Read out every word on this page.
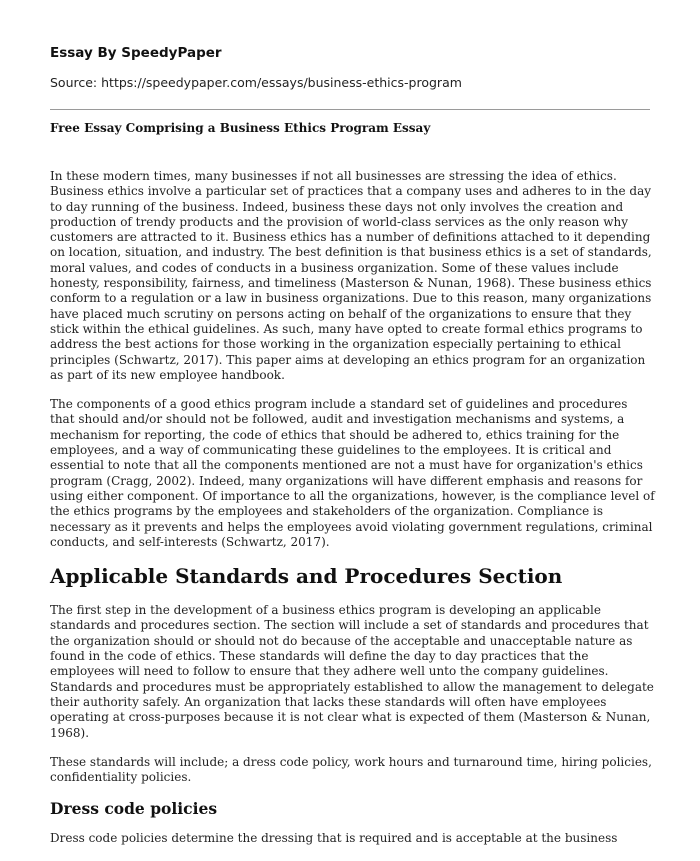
Essay By SpeedyPaper
Source: https://speedypaper.com/essays/business-ethics-program
Free Essay Comprising a Business Ethics Program Essay

In these modern times, many businesses if not all businesses are stressing the idea of ethics. Business ethics involve a particular set of practices that a company uses and adheres to in the day to day running of the business. Indeed, business these days not only involves the creation and production of trendy products and the provision of world-class services as the only reason why customers are attracted to it. Business ethics has a number of definitions attached to it depending on location, situation, and industry. The best definition is that business ethics is a set of standards, moral values, and codes of conducts in a business organization. Some of these values include honesty, responsibility, fairness, and timeliness (Masterson & Nunan, 1968). These business ethics conform to a regulation or a law in business organizations. Due to this reason, many organizations have placed much scrutiny on persons acting on behalf of the organizations to ensure that they stick within the ethical guidelines. As such, many have opted to create formal ethics programs to address the best actions for those working in the organization especially pertaining to ethical principles (Schwartz, 2017). This paper aims at developing an ethics program for an organization as part of its new employee handbook.

The components of a good ethics program include a standard set of guidelines and procedures that should and/or should not be followed, audit and investigation mechanisms and systems, a mechanism for reporting, the code of ethics that should be adhered to, ethics training for the employees, and a way of communicating these guidelines to the employees. It is critical and essential to note that all the components mentioned are not a must have for organization's ethics program (Cragg, 2002). Indeed, many organizations will have different emphasis and reasons for using either component. Of importance to all the organizations, however, is the compliance level of the ethics programs by the employees and stakeholders of the organization. Compliance is necessary as it prevents and helps the employees avoid violating government regulations, criminal conducts, and self-interests (Schwartz, 2017).

Applicable Standards and Procedures Section

The first step in the development of a business ethics program is developing an applicable standards and procedures section. The section will include a set of standards and procedures that the organization should or should not do because of the acceptable and unacceptable nature as found in the code of ethics. These standards will define the day to day practices that the employees will need to follow to ensure that they adhere well unto the company guidelines. Standards and procedures must be appropriately established to allow the management to delegate their authority safely. An organization that lacks these standards will often have employees operating at cross-purposes because it is not clear what is expected of them (Masterson & Nunan, 1968).

These standards will include; a dress code policy, work hours and turnaround time, hiring policies, confidentiality policies.

Dress code policies

Dress code policies determine the dressing that is required and is acceptable at the business
